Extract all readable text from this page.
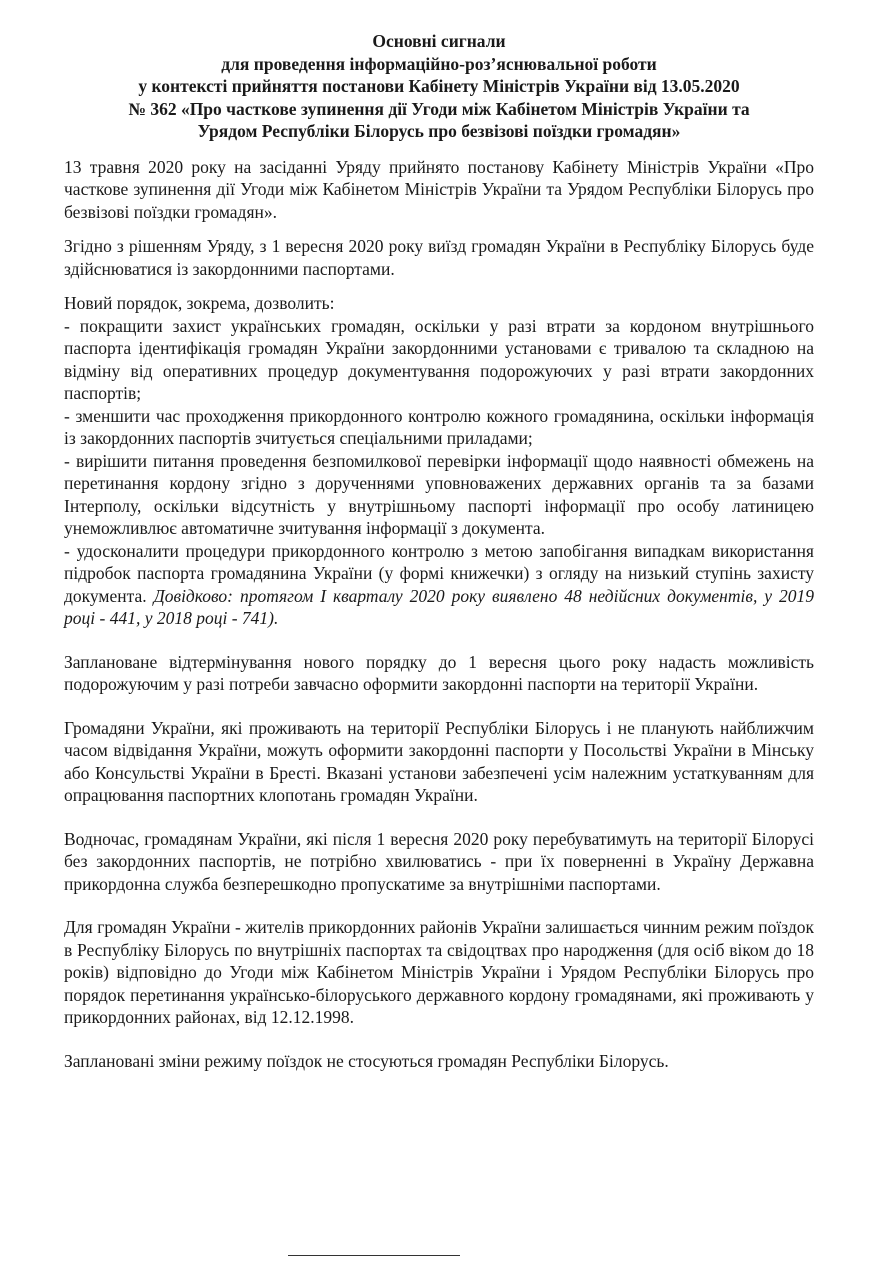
Основні сигнали
для проведення інформаційно-роз’яснювальної роботи
у контексті прийняття постанови Кабінету Міністрів України від 13.05.2020
№ 362 «Про часткове зупинення дії Угоди між Кабінетом Міністрів України та
Урядом Республіки Білорусь про безвізові поїздки громадян»

13 травня 2020 року на засіданні Уряду прийнято постанову Кабінету Міністрів України «Про часткове зупинення дії Угоди між Кабінетом Міністрів України та Урядом Республіки Білорусь про безвізові поїздки громадян».

Згідно з рішенням Уряду, з 1 вересня 2020 року виїзд громадян України в Республіку Білорусь буде здійснюватися із закордонними паспортами.

Новий порядок, зокрема, дозволить:
- покращити захист українських громадян, оскільки у разі втрати за кордоном внутрішнього паспорта ідентифікація громадян України закордонними установами є тривалою та складною на відміну від оперативних процедур документування подорожуючих у разі втрати закордонних паспортів;
- зменшити час проходження прикордонного контролю кожного громадянина, оскільки інформація із закордонних паспортів зчитується спеціальними приладами;
- вирішити питання проведення безпомилкової перевірки інформації щодо наявності обмежень на перетинання кордону згідно з дорученнями уповноважених державних органів та за базами Інтерполу, оскільки відсутність у внутрішньому паспорті інформації про особу латиницею унеможливлює автоматичне зчитування інформації з документа.
- удосконалити процедури прикордонного контролю з метою запобігання випадкам використання підробок паспорта громадянина України (у формі книжечки) з огляду на низький ступінь захисту документа. Довідково: протягом І кварталу 2020 року виявлено 48 недійсних документів, у 2019 році - 441, у 2018 році - 741).

Заплановане відтермінування нового порядку до 1 вересня цього року надасть можливість подорожуючим у разі потреби завчасно оформити закордонні паспорти на території України.

Громадяни України, які проживають на території Республіки Білорусь і не планують найближчим часом відвідання України, можуть оформити закордонні паспорти у Посольстві України в Мінську або Консульстві України в Бресті. Вказані установи забезпечені усім належним устаткуванням для опрацювання паспортних клопотань громадян України.

Водночас, громадянам України, які після 1 вересня 2020 року перебуватимуть на території Білорусі без закордонних паспортів, не потрібно хвилюватись - при їх поверненні в Україну Державна прикордонна служба безперешкодно пропускатиме за внутрішніми паспортами.

Для громадян України - жителів прикордонних районів України залишається чинним режим поїздок в Республіку Білорусь по внутрішніх паспортах та свідоцтвах про народження (для осіб віком до 18 років) відповідно до Угоди між Кабінетом Міністрів України і Урядом Республіки Білорусь про порядок перетинання українсько-білоруського державного кордону громадянами, які проживають у прикордонних районах, від 12.12.1998.

Заплановані зміни режиму поїздок не стосуються громадян Республіки Білорусь.
